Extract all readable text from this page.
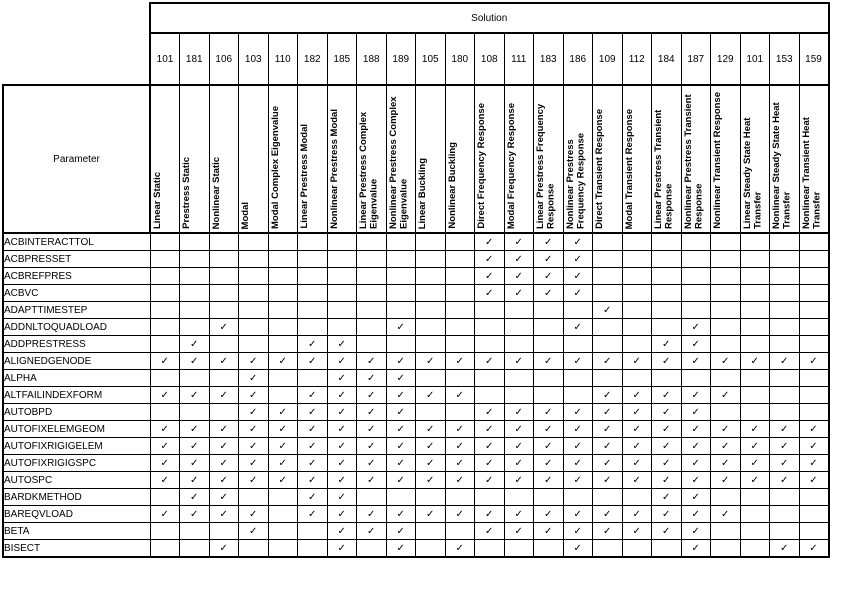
	Solution																						
	101	181	106	103	110	182	185	188	189	105	180	108	111	183	186	109	112	184	187	129	101	153	159
Parameter	Linear Static	Prestress Static	Nonlinear Static	Modal	Modal Complex Eigenvalue	Linear Prestress Modal	Nonlinear Prestress Modal	Linear Prestress Complex Eigenvalue	Nonlinear Prestress Complex Eigenvalue	Linear Buckling	Nonlinear Buckling	Direct Frequency Response	Modal Frequency Response	Linear Prestress Frequency Response	Nonlinear Prestress Frequency Response	Direct Transient Response	Modal Transient Response	Linear Prestress Transient Response	Nonlinear Prestress Transient Response	Nonlinear Transient Response	Linear Steady State Heat Transfer	Nonlinear Steady State Heat Transfer	Nonlinear Transient Heat Transfer

ACBINTERACTTOL												✓	✓	✓	✓								
ACBPRESSET												✓	✓	✓	✓								
ACBREFPRES												✓	✓	✓	✓								
ACBVC												✓	✓	✓	✓								
ADAPTTIMESTEP																✓							
ADDNLTOQUADLOAD			✓						✓						✓				✓				
ADDPRESTRESS		✓				✓	✓											✓	✓				
ALIGNEDGENODE	✓	✓	✓	✓	✓	✓	✓	✓	✓	✓	✓	✓	✓	✓	✓	✓	✓	✓	✓	✓	✓	✓	✓
ALPHA				✓			✓	✓	✓														
ALTFAILINDEXFORM	✓	✓	✓	✓		✓	✓	✓	✓	✓	✓					✓	✓	✓	✓	✓			
AUTOBPD				✓	✓	✓	✓	✓	✓			✓	✓	✓	✓	✓	✓	✓	✓				
AUTOFIXELEMGEOM	✓	✓	✓	✓	✓	✓	✓	✓	✓	✓	✓	✓	✓	✓	✓	✓	✓	✓	✓	✓	✓	✓	✓
AUTOFIXRIGIGELEM	✓	✓	✓	✓	✓	✓	✓	✓	✓	✓	✓	✓	✓	✓	✓	✓	✓	✓	✓	✓	✓	✓	✓
AUTOFIXRIGIGSPC	✓	✓	✓	✓	✓	✓	✓	✓	✓	✓	✓	✓	✓	✓	✓	✓	✓	✓	✓	✓	✓	✓	✓
AUTOSPC	✓	✓	✓	✓	✓	✓	✓	✓	✓	✓	✓	✓	✓	✓	✓	✓	✓	✓	✓	✓	✓	✓	✓
BARDKMETHOD		✓	✓			✓	✓											✓	✓				
BAREQVLOAD	✓	✓	✓	✓		✓	✓	✓	✓	✓	✓	✓	✓	✓	✓	✓	✓	✓	✓	✓			
BETA				✓			✓	✓	✓			✓	✓	✓	✓	✓	✓	✓	✓				
BISECT			✓				✓		✓		✓				✓				✓			✓	✓
